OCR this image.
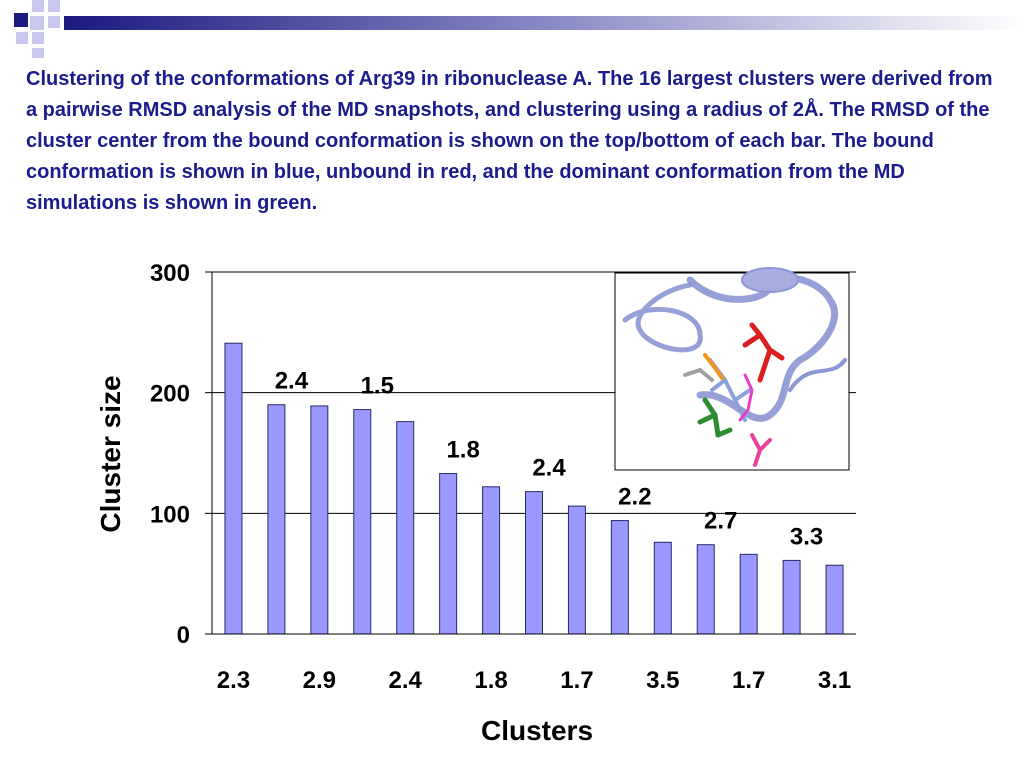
Clustering of the conformations of Arg39 in ribonuclease A. The 16 largest clusters were derived from a pairwise RMSD analysis of the MD snapshots, and clustering using a radius of 2Å. The RMSD of the cluster center from the bound conformation is shown on the top/bottom of each bar. The bound conformation is shown in blue, unbound in red, and the dominant conformation from the MD simulations is shown in green.

0
100
200
300
2.3 2.9 2.4 1.8 1.7 3.5 1.7 3.1
2.4 1.5
1.8
2.4
2.2
2.7
3.3
Clusters
Cluster size
